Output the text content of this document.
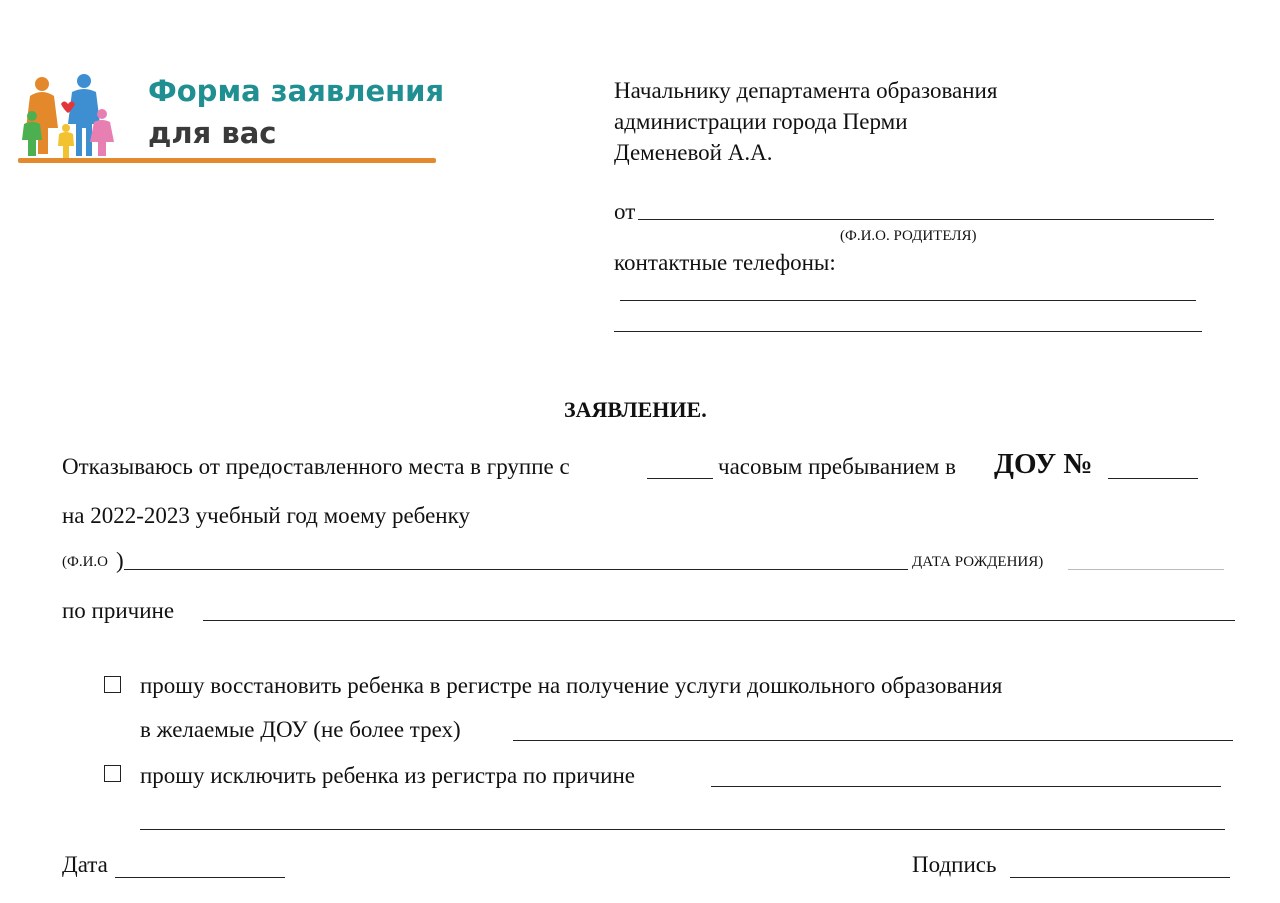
Форма заявления
для вас
Начальнику департамента образования
администрации города Перми
Деменевой А.А.
от
(Ф.И.О. РОДИТЕЛЯ)
контактные телефоны:
ЗАЯВЛЕНИЕ.
Отказываюсь от предоставленного места в группе с	часовым пребыванием в ДОУ №
на 2022-2023 учебный год моему ребенку
(Ф.И.О )	ДАТА РОЖДЕНИЯ)
по причине
прошу восстановить ребенка в регистре на получение услуги дошкольного образования
в желаемые ДОУ (не более трех)
прошу исключить ребенка из регистра по причине
Дата	Подпись
